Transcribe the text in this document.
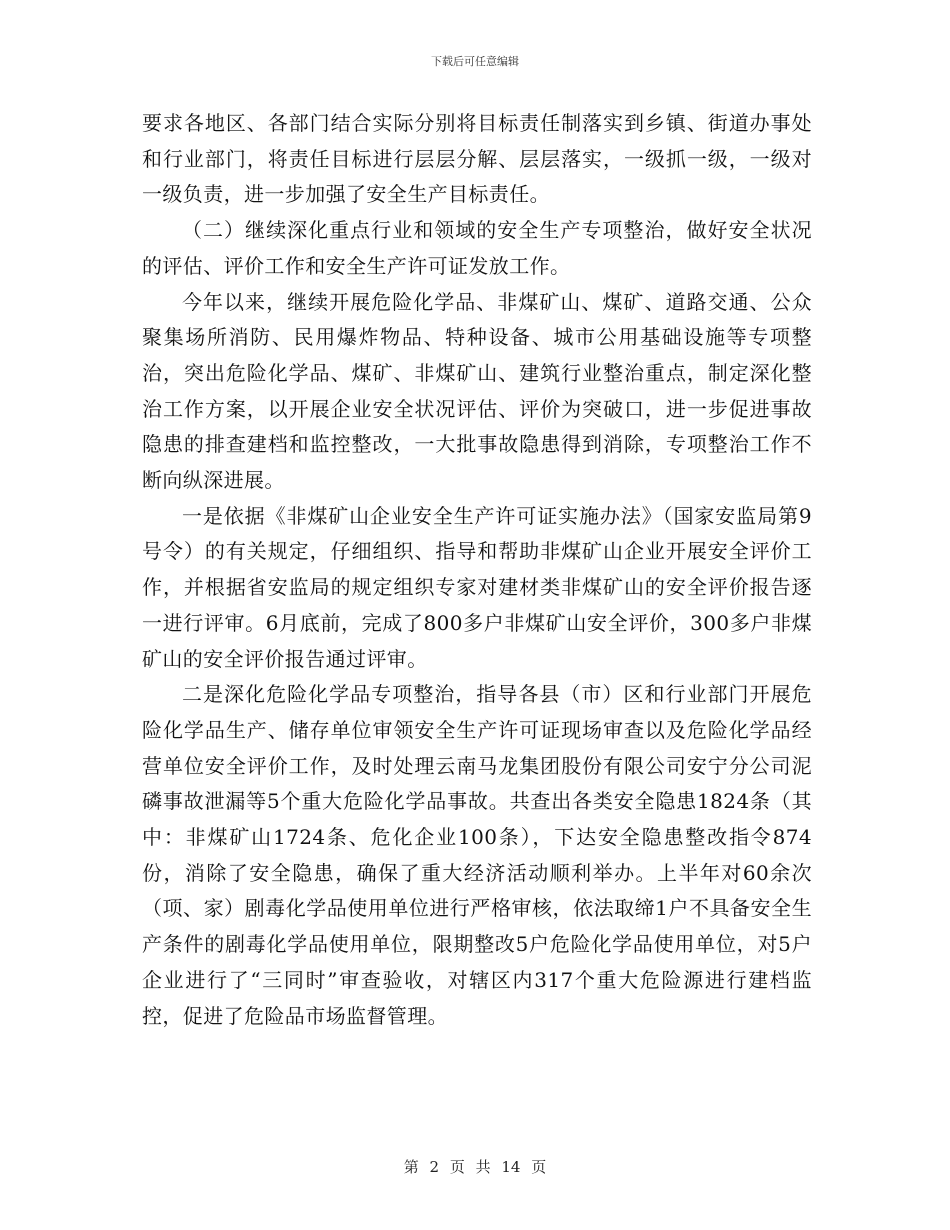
下载后可任意编辑

要求各地区、各部门结合实际分别将目标责任制落实到乡镇、街道办事处和行业部门，将责任目标进行层层分解、层层落实，一级抓一级，一级对一级负责，进一步加强了安全生产目标责任。

（二）继续深化重点行业和领域的安全生产专项整治，做好安全状况的评估、评价工作和安全生产许可证发放工作。

今年以来，继续开展危险化学品、非煤矿山、煤矿、道路交通、公众聚集场所消防、民用爆炸物品、特种设备、城市公用基础设施等专项整治，突出危险化学品、煤矿、非煤矿山、建筑行业整治重点，制定深化整治工作方案，以开展企业安全状况评估、评价为突破口，进一步促进事故隐患的排查建档和监控整改，一大批事故隐患得到消除，专项整治工作不断向纵深进展。

一是依据《非煤矿山企业安全生产许可证实施办法》（国家安监局第9号令）的有关规定，仔细组织、指导和帮助非煤矿山企业开展安全评价工作，并根据省安监局的规定组织专家对建材类非煤矿山的安全评价报告逐一进行评审。6月底前，完成了800多户非煤矿山安全评价，300多户非煤矿山的安全评价报告通过评审。

二是深化危险化学品专项整治，指导各县（市）区和行业部门开展危险化学品生产、储存单位审领安全生产许可证现场审查以及危险化学品经营单位安全评价工作，及时处理云南马龙集团股份有限公司安宁分公司泥磷事故泄漏等5个重大危险化学品事故。共查出各类安全隐患1824条（其中：非煤矿山1724条、危化企业100条），下达安全隐患整改指令874份，消除了安全隐患，确保了重大经济活动顺利举办。上半年对60余次（项、家）剧毒化学品使用单位进行严格审核，依法取缔1户不具备安全生产条件的剧毒化学品使用单位，限期整改5户危险化学品使用单位，对5户企业进行了“三同时”审查验收，对辖区内317个重大危险源进行建档监控，促进了危险品市场监督管理。

第 2 页 共 14 页
